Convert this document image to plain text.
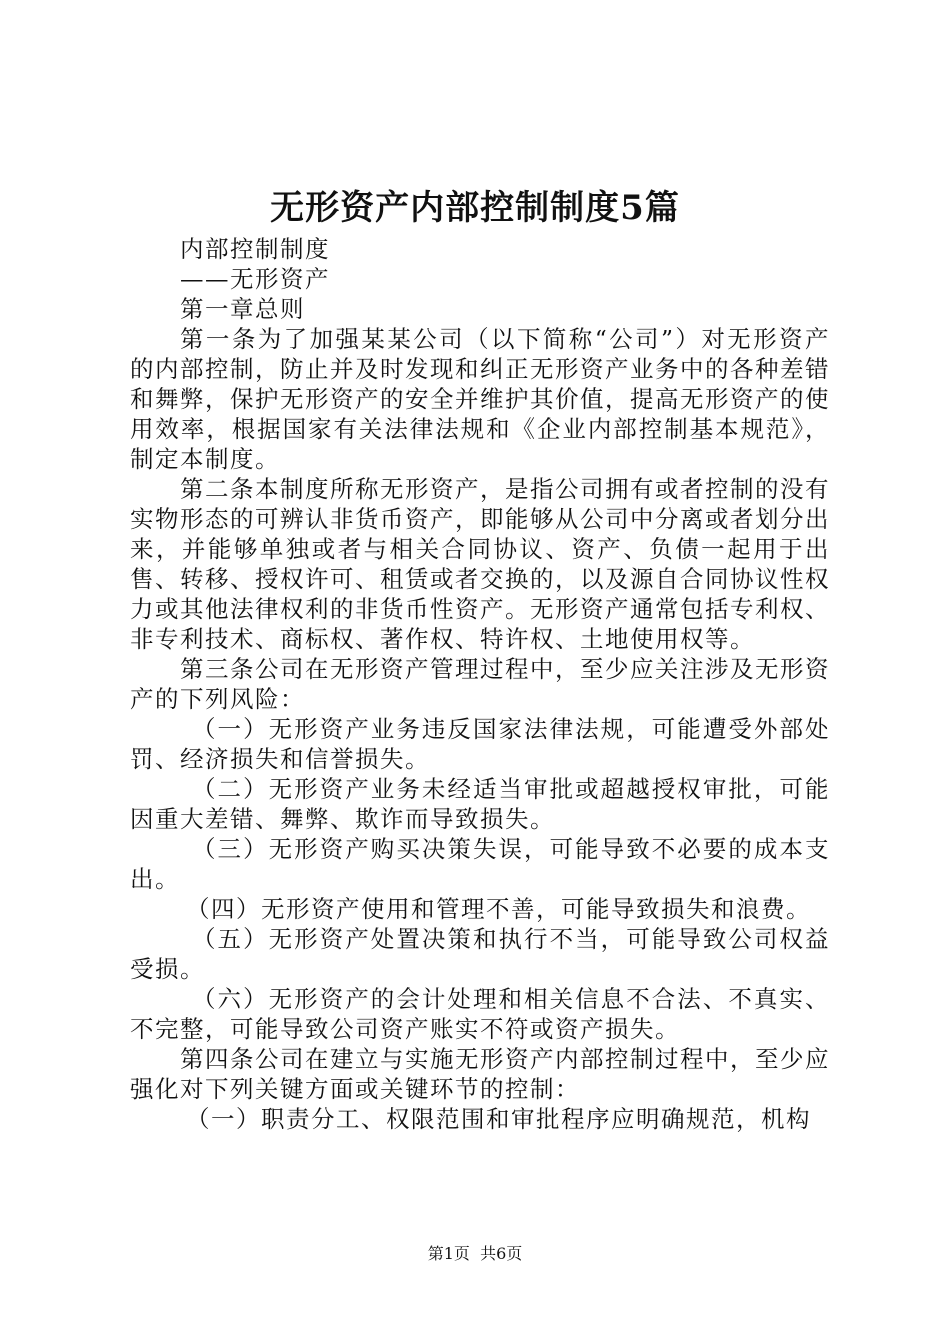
无形资产内部控制制度5篇

内部控制制度

——无形资产

第一章总则

第一条为了加强某某公司（以下简称“公司”）对无形资产的内部控制，防止并及时发现和纠正无形资产业务中的各种差错和舞弊，保护无形资产的安全并维护其价值，提高无形资产的使用效率，根据国家有关法律法规和《企业内部控制基本规范》，制定本制度。

第二条本制度所称无形资产，是指公司拥有或者控制的没有实物形态的可辨认非货币资产，即能够从公司中分离或者划分出来，并能够单独或者与相关合同协议、资产、负债一起用于出售、转移、授权许可、租赁或者交换的，以及源自合同协议性权力或其他法律权利的非货币性资产。无形资产通常包括专利权、非专利技术、商标权、著作权、特许权、土地使用权等。

第三条公司在无形资产管理过程中，至少应关注涉及无形资产的下列风险：

（一）无形资产业务违反国家法律法规，可能遭受外部处罚、经济损失和信誉损失。

（二）无形资产业务未经适当审批或超越授权审批，可能因重大差错、舞弊、欺诈而导致损失。

（三）无形资产购买决策失误，可能导致不必要的成本支出。

（四）无形资产使用和管理不善，可能导致损失和浪费。

（五）无形资产处置决策和执行不当，可能导致公司权益受损。

（六）无形资产的会计处理和相关信息不合法、不真实、不完整，可能导致公司资产账实不符或资产损失。

第四条公司在建立与实施无形资产内部控制过程中，至少应强化对下列关键方面或关键环节的控制：

（一）职责分工、权限范围和审批程序应明确规范，机构

第1页 共6页
